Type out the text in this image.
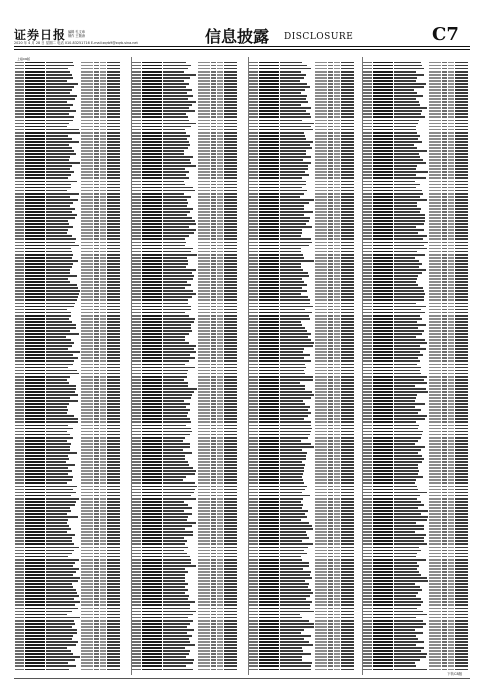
证券日报 编辑 孔文章
制作 王敬涛
2020 年 4 月 28 日 星期二 电话 010-83251716 E-mail:zqrb9@zqrb.sina.net	信息披露 DISCLOSURE	C7
上接C6版
下转C8版
